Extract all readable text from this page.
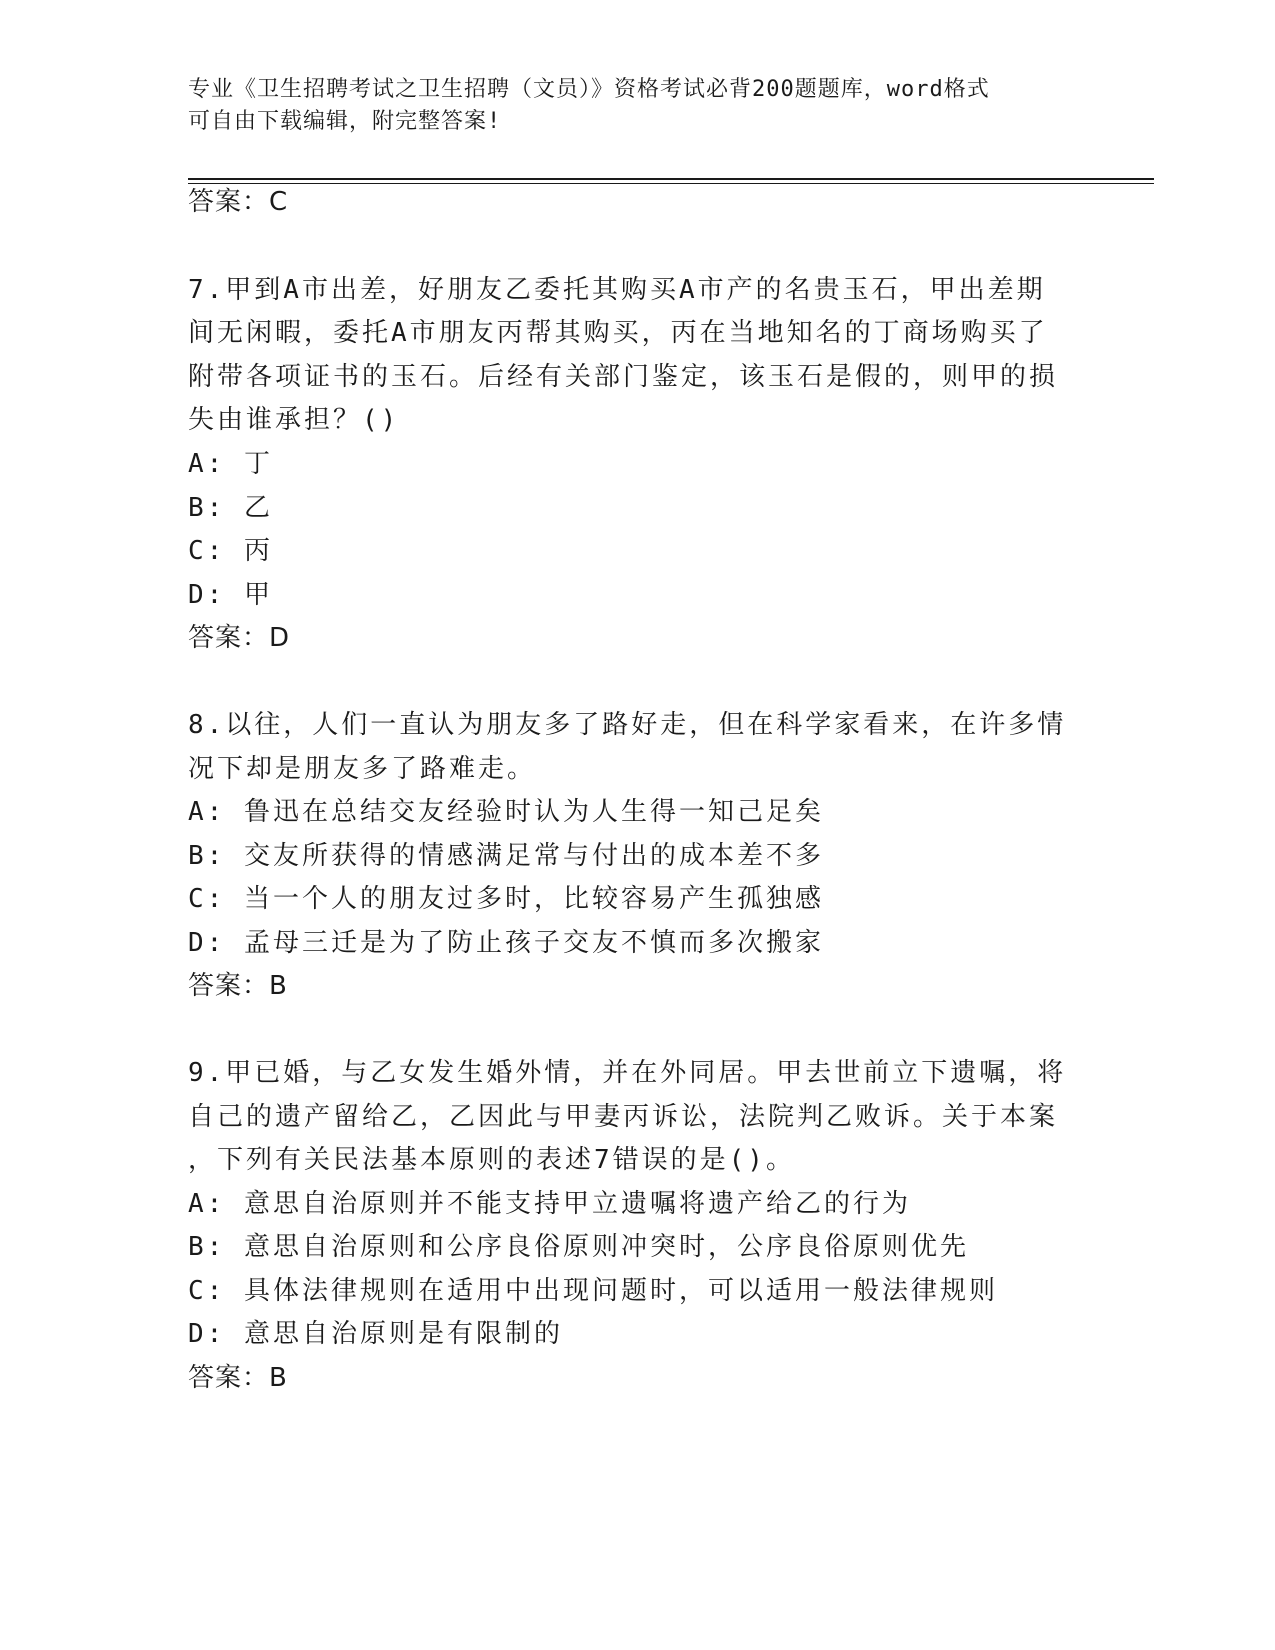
专业《卫生招聘考试之卫生招聘（文员）》资格考试必背200题题库，word格式
可自由下载编辑，附完整答案!
答案：C
7.甲到A市出差，好朋友乙委托其购买A市产的名贵玉石，甲出差期
间无闲暇，委托A市朋友丙帮其购买，丙在当地知名的丁商场购买了
附带各项证书的玉石。后经有关部门鉴定，该玉石是假的，则甲的损
失由谁承担？()
A: 丁
B: 乙
C: 丙
D: 甲
答案：D
8.以往，人们一直认为朋友多了路好走，但在科学家看来，在许多情
况下却是朋友多了路难走。
A: 鲁迅在总结交友经验时认为人生得一知己足矣
B: 交友所获得的情感满足常与付出的成本差不多
C: 当一个人的朋友过多时，比较容易产生孤独感
D: 孟母三迁是为了防止孩子交友不慎而多次搬家
答案：B
9.甲已婚，与乙女发生婚外情，并在外同居。甲去世前立下遗嘱，将
自己的遗产留给乙，乙因此与甲妻丙诉讼，法院判乙败诉。关于本案
，下列有关民法基本原则的表述7错误的是()。
A: 意思自治原则并不能支持甲立遗嘱将遗产给乙的行为
B: 意思自治原则和公序良俗原则冲突时，公序良俗原则优先
C: 具体法律规则在适用中出现问题时，可以适用一般法律规则
D: 意思自治原则是有限制的
答案：B
